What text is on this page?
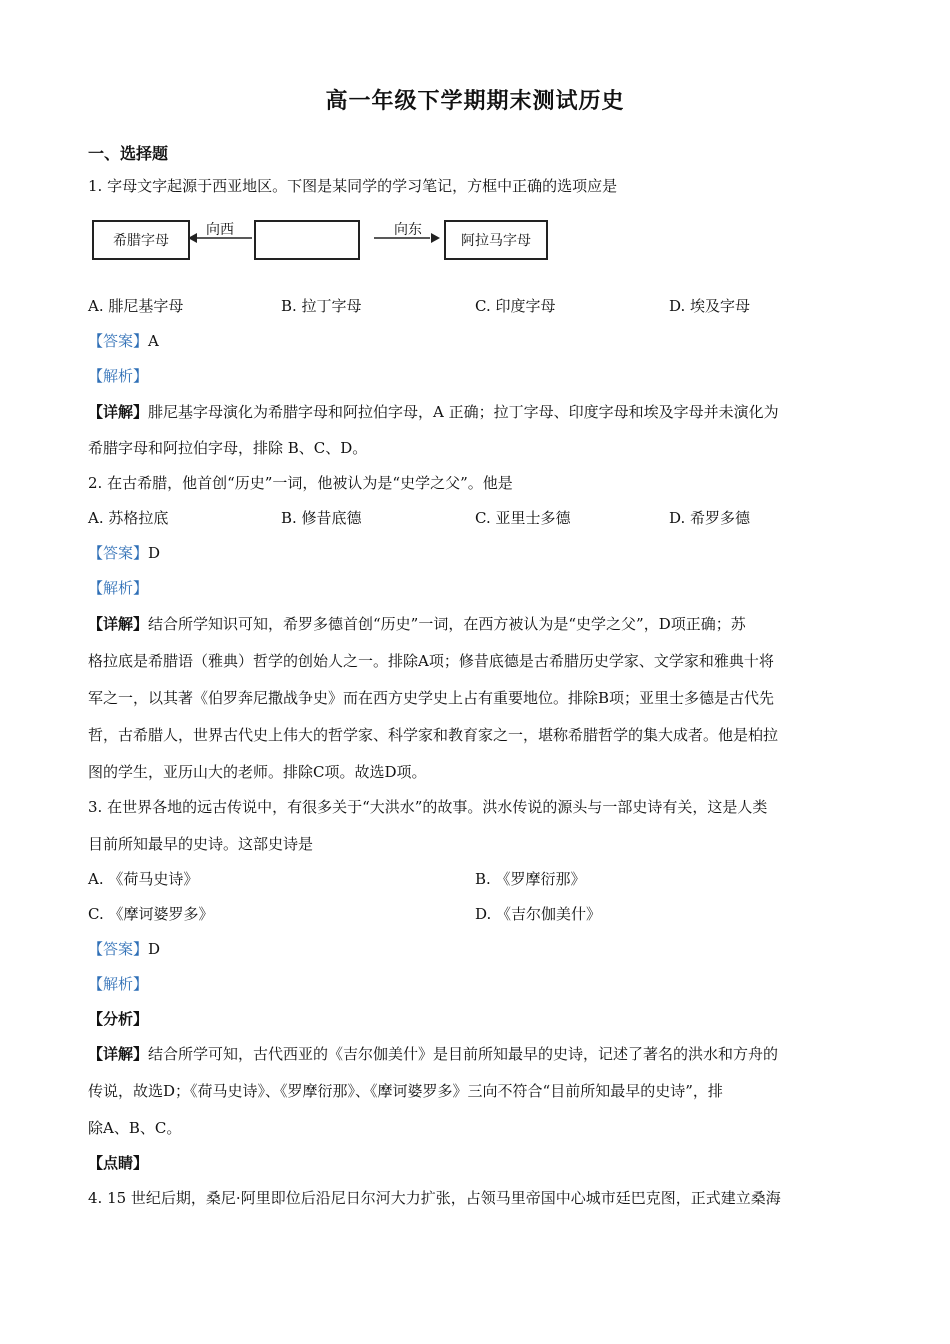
高一年级下学期期末测试历史
一、选择题
1. 字母文字起源于西亚地区。下图是某同学的学习笔记，方框中正确的选项应是
希腊字母
向西	向东
阿拉马字母
A. 腓尼基字母	B. 拉丁字母	C. 印度字母	D. 埃及字母
【答案】A
【解析】
【详解】腓尼基字母演化为希腊字母和阿拉伯字母，A 正确；拉丁字母、印度字母和埃及字母并未演化为
希腊字母和阿拉伯字母，排除 B、C、D。
2. 在古希腊，他首创“历史”一词，他被认为是“史学之父”。他是
A. 苏格拉底	B. 修昔底德	C. 亚里士多德	D. 希罗多德
【答案】D
【解析】
【详解】结合所学知识可知，希罗多德首创“历史”一词，在西方被认为是“史学之父”，D项正确；苏
格拉底是希腊语（雅典）哲学的创始人之一。排除A项；修昔底德是古希腊历史学家、文学家和雅典十将
军之一，以其著《伯罗奔尼撒战争史》而在西方史学史上占有重要地位。排除B项；亚里士多德是古代先
哲，古希腊人，世界古代史上伟大的哲学家、科学家和教育家之一，堪称希腊哲学的集大成者。他是柏拉
图的学生，亚历山大的老师。排除C项。故选D项。
3. 在世界各地的远古传说中，有很多关于“大洪水”的故事。洪水传说的源头与一部史诗有关，这是人类
目前所知最早的史诗。这部史诗是
A. 《荷马史诗》	B. 《罗摩衍那》
C. 《摩诃婆罗多》	D. 《吉尔伽美什》
【答案】D
【解析】
【分析】
【详解】结合所学可知，古代西亚的《吉尔伽美什》是目前所知最早的史诗，记述了著名的洪水和方舟的
传说，故选D；《荷马史诗》、《罗摩衍那》、《摩诃婆罗多》三向不符合“目前所知最早的史诗”，排
除A、B、C。
【点睛】
4. 15 世纪后期，桑尼·阿里即位后沿尼日尔河大力扩张，占领马里帝国中心城市廷巴克图，正式建立桑海
